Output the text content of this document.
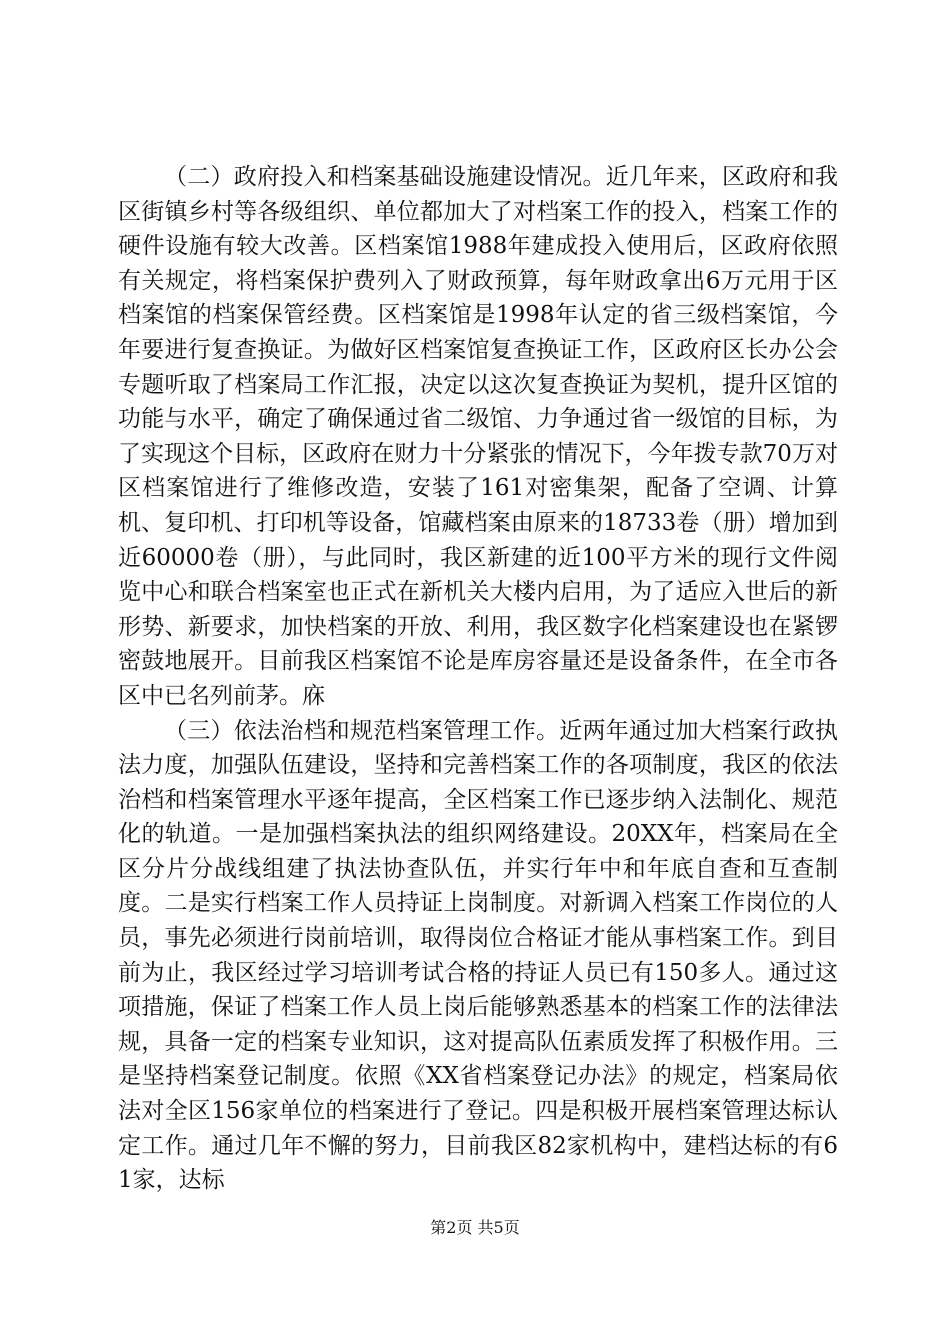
（二）政府投入和档案基础设施建设情况。近几年来，区政府和我区街镇乡村等各级组织、单位都加大了对档案工作的投入，档案工作的硬件设施有较大改善。区档案馆1988年建成投入使用后，区政府依照有关规定，将档案保护费列入了财政预算，每年财政拿出6万元用于区档案馆的档案保管经费。区档案馆是1998年认定的省三级档案馆，今年要进行复查换证。为做好区档案馆复查换证工作，区政府区长办公会专题听取了档案局工作汇报，决定以这次复查换证为契机，提升区馆的功能与水平，确定了确保通过省二级馆、力争通过省一级馆的目标，为了实现这个目标，区政府在财力十分紧张的情况下，今年拨专款70万对区档案馆进行了维修改造，安装了161对密集架，配备了空调、计算机、复印机、打印机等设备，馆藏档案由原来的18733卷（册）增加到近60000卷（册），与此同时，我区新建的近100平方米的现行文件阅览中心和联合档案室也正式在新机关大楼内启用，为了适应入世后的新形势、新要求，加快档案的开放、利用，我区数字化档案建设也在紧锣密鼓地展开。目前我区档案馆不论是库房容量还是设备条件，在全市各区中已名列前茅。庥

（三）依法治档和规范档案管理工作。近两年通过加大档案行政执法力度，加强队伍建设，坚持和完善档案工作的各项制度，我区的依法治档和档案管理水平逐年提高，全区档案工作已逐步纳入法制化、规范化的轨道。一是加强档案执法的组织网络建设。20XX年，档案局在全区分片分战线组建了执法协查队伍，并实行年中和年底自查和互查制度。二是实行档案工作人员持证上岗制度。对新调入档案工作岗位的人员，事先必须进行岗前培训，取得岗位合格证才能从事档案工作。到目前为止，我区经过学习培训考试合格的持证人员已有150多人。通过这项措施，保证了档案工作人员上岗后能够熟悉基本的档案工作的法律法规，具备一定的档案专业知识，这对提高队伍素质发挥了积极作用。三是坚持档案登记制度。依照《XX省档案登记办法》的规定，档案局依法对全区156家单位的档案进行了登记。四是积极开展档案管理达标认定工作。通过几年不懈的努力，目前我区82家机构中，建档达标的有61家，达标

第2页 共5页
